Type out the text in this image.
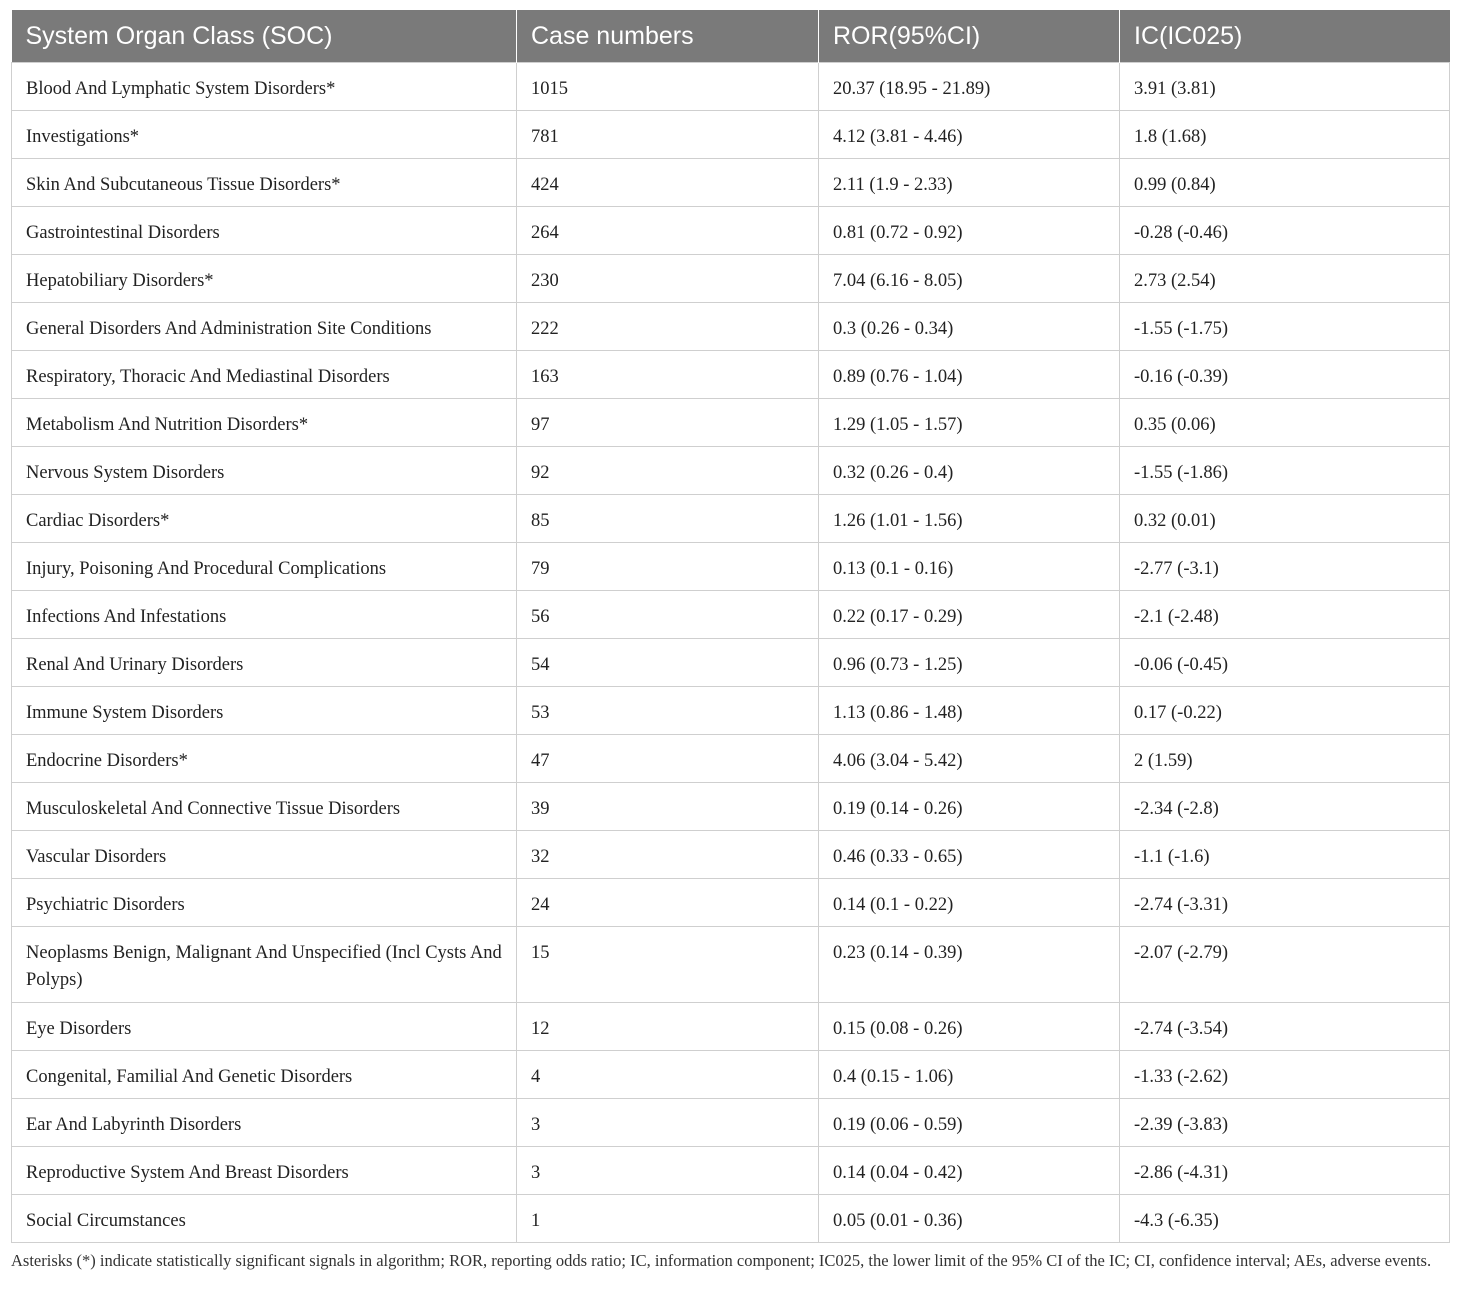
System Organ Class (SOC)	Case numbers	ROR(95%CI)	IC(IC025)
Blood And Lymphatic System Disorders*	1015	20.37 (18.95 - 21.89)	3.91 (3.81)
Investigations*	781	4.12 (3.81 - 4.46)	1.8 (1.68)
Skin And Subcutaneous Tissue Disorders*	424	2.11 (1.9 - 2.33)	0.99 (0.84)
Gastrointestinal Disorders	264	0.81 (0.72 - 0.92)	-0.28 (-0.46)
Hepatobiliary Disorders*	230	7.04 (6.16 - 8.05)	2.73 (2.54)
General Disorders And Administration Site Conditions	222	0.3 (0.26 - 0.34)	-1.55 (-1.75)
Respiratory, Thoracic And Mediastinal Disorders	163	0.89 (0.76 - 1.04)	-0.16 (-0.39)
Metabolism And Nutrition Disorders*	97	1.29 (1.05 - 1.57)	0.35 (0.06)
Nervous System Disorders	92	0.32 (0.26 - 0.4)	-1.55 (-1.86)
Cardiac Disorders*	85	1.26 (1.01 - 1.56)	0.32 (0.01)
Injury, Poisoning And Procedural Complications	79	0.13 (0.1 - 0.16)	-2.77 (-3.1)
Infections And Infestations	56	0.22 (0.17 - 0.29)	-2.1 (-2.48)
Renal And Urinary Disorders	54	0.96 (0.73 - 1.25)	-0.06 (-0.45)
Immune System Disorders	53	1.13 (0.86 - 1.48)	0.17 (-0.22)
Endocrine Disorders*	47	4.06 (3.04 - 5.42)	2 (1.59)
Musculoskeletal And Connective Tissue Disorders	39	0.19 (0.14 - 0.26)	-2.34 (-2.8)
Vascular Disorders	32	0.46 (0.33 - 0.65)	-1.1 (-1.6)
Psychiatric Disorders	24	0.14 (0.1 - 0.22)	-2.74 (-3.31)
Neoplasms Benign, Malignant And Unspecified (Incl Cysts And Polyps)	15	0.23 (0.14 - 0.39)	-2.07 (-2.79)
Eye Disorders	12	0.15 (0.08 - 0.26)	-2.74 (-3.54)
Congenital, Familial And Genetic Disorders	4	0.4 (0.15 - 1.06)	-1.33 (-2.62)
Ear And Labyrinth Disorders	3	0.19 (0.06 - 0.59)	-2.39 (-3.83)
Reproductive System And Breast Disorders	3	0.14 (0.04 - 0.42)	-2.86 (-4.31)
Social Circumstances	1	0.05 (0.01 - 0.36)	-4.3 (-6.35)
Asterisks (*) indicate statistically significant signals in algorithm; ROR, reporting odds ratio; IC, information component; IC025, the lower limit of the 95% CI of the IC; CI, confidence interval; AEs, adverse events.
